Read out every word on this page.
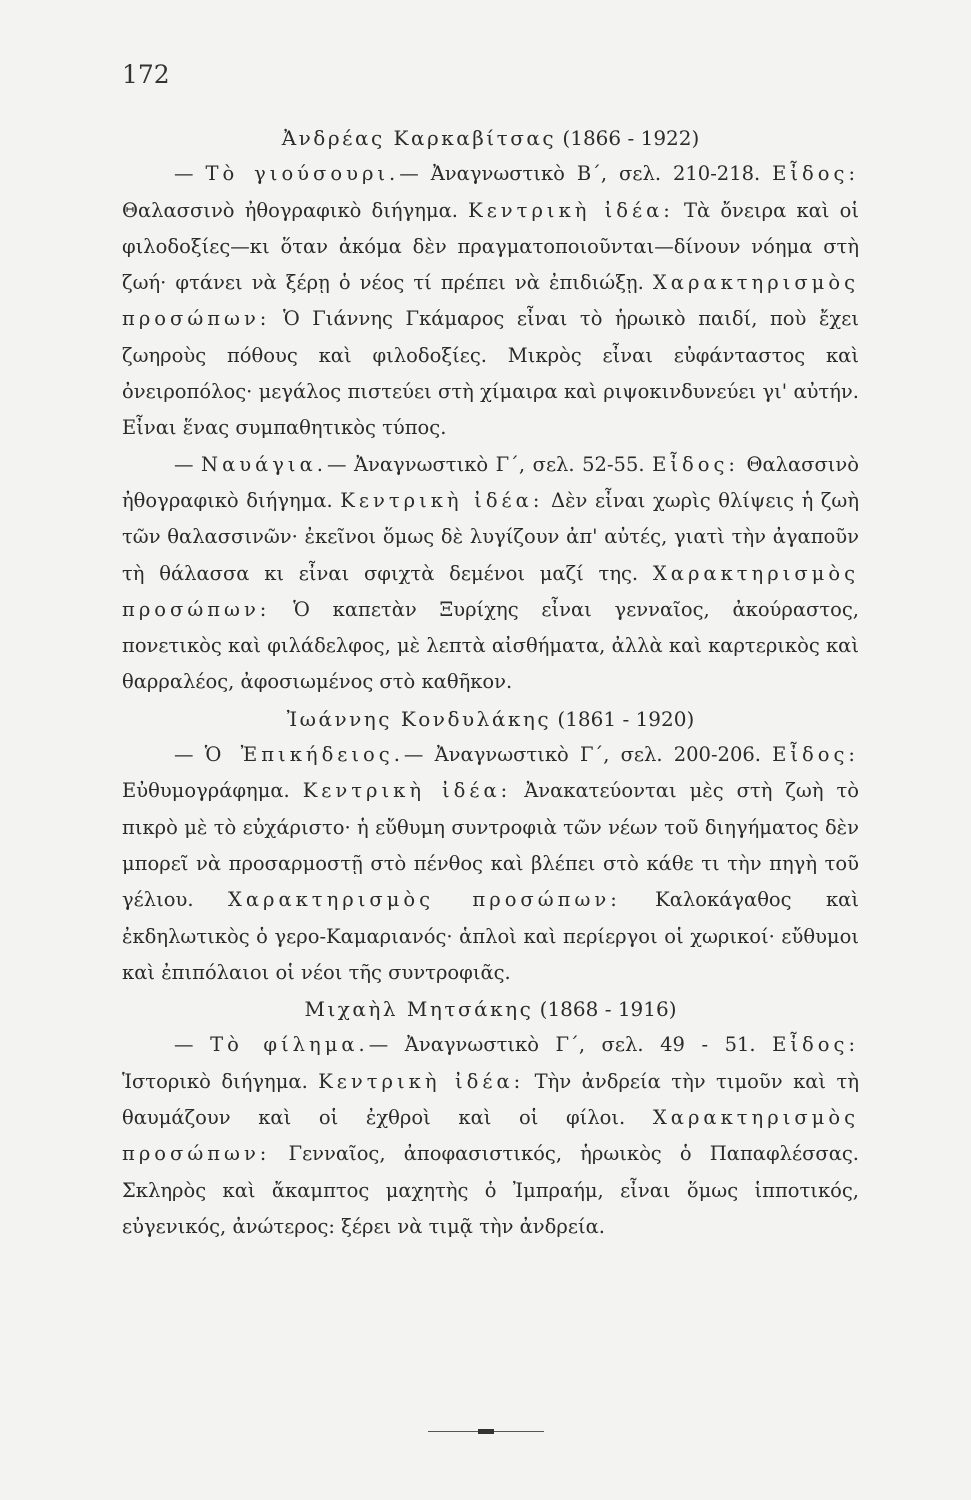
172

Ἀνδρέας Καρκαβίτσας (1866 - 1922)

— Τὸ γιούσουρι.— Ἀναγνωστικὸ Β΄, σελ. 210-218. Εἶδος: Θαλασσινὸ ἠθογραφικὸ διήγημα. Κεντρικὴ ἰδέα: Τὰ ὄνειρα καὶ οἱ φιλοδοξίες—κι ὅταν ἀκόμα δὲν πραγματοποιοῦνται—δίνουν νόημα στὴ ζωή· φτάνει νὰ ξέρῃ ὁ νέος τί πρέπει νὰ ἐπιδιώξῃ. Χαρακτηρισμὸς προσώπων: Ὁ Γιάννης Γκάμαρος εἶναι τὸ ἡρωικὸ παιδί, ποὺ ἔχει ζωηροὺς πόθους καὶ φιλοδοξίες. Μικρὸς εἶναι εὐφάνταστος καὶ ὀνειροπόλος· μεγάλος πιστεύει στὴ χίμαιρα καὶ ριψοκινδυνεύει γι' αὐτήν. Εἶναι ἕνας συμπαθητικὸς τύπος.

— Ναυάγια.— Ἀναγνωστικὸ Γ΄, σελ. 52-55. Εἶδος: Θαλασσινὸ ἠθογραφικὸ διήγημα. Κεντρικὴ ἰδέα: Δὲν εἶναι χωρὶς θλίψεις ἡ ζωὴ τῶν θαλασσινῶν· ἐκεῖνοι ὅμως δὲ λυγίζουν ἀπ' αὐτές, γιατὶ τὴν ἀγαποῦν τὴ θάλασσα κι εἶναι σφιχτὰ δεμένοι μαζί της. Χαρακτηρισμὸς προσώπων: Ὁ καπετὰν Ξυρίχης εἶναι γενναῖος, ἀκούραστος, πονετικὸς καὶ φιλάδελφος, μὲ λεπτὰ αἰσθήματα, ἀλλὰ καὶ καρτερικὸς καὶ θαρραλέος, ἀφοσιωμένος στὸ καθῆκον.

Ἰωάννης Κονδυλάκης (1861 - 1920)

— Ὁ Ἐπικήδειος.— Ἀναγνωστικὸ Γ΄, σελ. 200-206. Εἶδος: Εὐθυμογράφημα. Κεντρικὴ ἰδέα: Ἀνακατεύονται μὲς στὴ ζωὴ τὸ πικρὸ μὲ τὸ εὐχάριστο· ἡ εὔθυμη συντροφιὰ τῶν νέων τοῦ διηγήματος δὲν μπορεῖ νὰ προσαρμοστῇ στὸ πένθος καὶ βλέπει στὸ κάθε τι τὴν πηγὴ τοῦ γέλιου. Χαρακτηρισμὸς προσώπων: Καλοκάγαθος καὶ ἐκδηλωτικὸς ὁ γερο-Καμαριανός· ἁπλοὶ καὶ περίεργοι οἱ χωρικοί· εὔθυμοι καὶ ἐπιπόλαιοι οἱ νέοι τῆς συντροφιᾶς.

Μιχαὴλ Μητσάκης (1868 - 1916)

— Τὸ φίλημα.— Ἀναγνωστικὸ Γ΄, σελ. 49 - 51. Εἶδος: Ἱστορικὸ διήγημα. Κεντρικὴ ἰδέα: Τὴν ἀνδρεία τὴν τιμοῦν καὶ τὴ θαυμάζουν καὶ οἱ ἐχθροὶ καὶ οἱ φίλοι. Χαρακτηρισμὸς προσώπων: Γενναῖος, ἀποφασιστικός, ἡρωικὸς ὁ Παπαφλέσσας. Σκληρὸς καὶ ἄκαμπτος μαχητὴς ὁ Ἰμπραήμ, εἶναι ὅμως ἱπποτικός, εὐγενικός, ἀνώτερος: ξέρει νὰ τιμᾷ τὴν ἀνδρεία.
